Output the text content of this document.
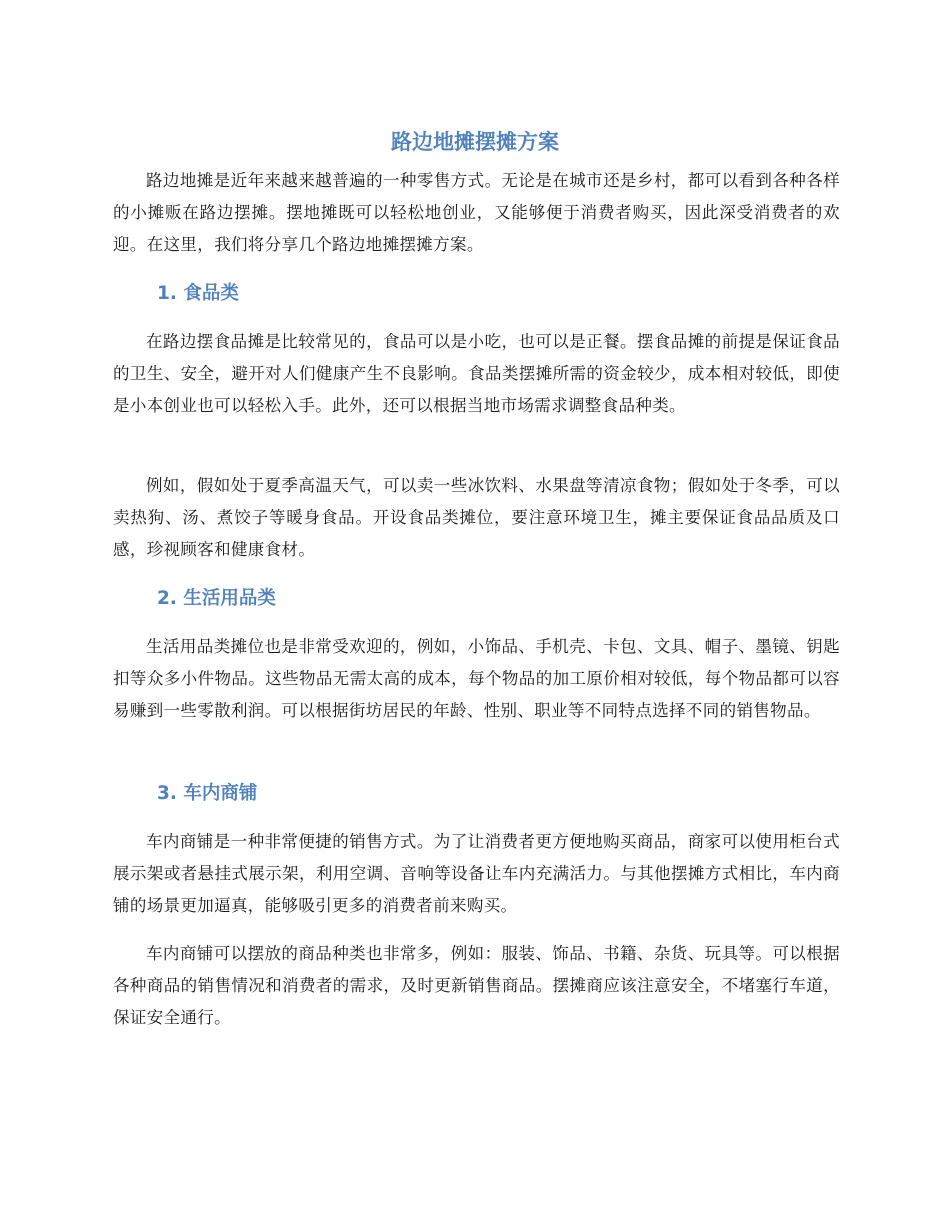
路边地摊摆摊方案

路边地摊是近年来越来越普遍的一种零售方式。无论是在城市还是乡村，都可以看到各种各样的小摊贩在路边摆摊。摆地摊既可以轻松地创业，又能够便于消费者购买，因此深受消费者的欢迎。在这里，我们将分享几个路边地摊摆摊方案。

1. 食品类

在路边摆食品摊是比较常见的，食品可以是小吃，也可以是正餐。摆食品摊的前提是保证食品的卫生、安全，避开对人们健康产生不良影响。食品类摆摊所需的资金较少，成本相对较低，即使是小本创业也可以轻松入手。此外，还可以根据当地市场需求调整食品种类。

例如，假如处于夏季高温天气，可以卖一些冰饮料、水果盘等清凉食物；假如处于冬季，可以卖热狗、汤、煮饺子等暖身食品。开设食品类摊位，要注意环境卫生，摊主要保证食品品质及口感，珍视顾客和健康食材。

2. 生活用品类

生活用品类摊位也是非常受欢迎的，例如，小饰品、手机壳、卡包、文具、帽子、墨镜、钥匙扣等众多小件物品。这些物品无需太高的成本，每个物品的加工原价相对较低，每个物品都可以容易赚到一些零散利润。可以根据街坊居民的年龄、性别、职业等不同特点选择不同的销售物品。

3. 车内商铺

车内商铺是一种非常便捷的销售方式。为了让消费者更方便地购买商品，商家可以使用柜台式展示架或者悬挂式展示架，利用空调、音响等设备让车内充满活力。与其他摆摊方式相比，车内商铺的场景更加逼真，能够吸引更多的消费者前来购买。

车内商铺可以摆放的商品种类也非常多，例如：服装、饰品、书籍、杂货、玩具等。可以根据各种商品的销售情况和消费者的需求，及时更新销售商品。摆摊商应该注意安全，不堵塞行车道，保证安全通行。
